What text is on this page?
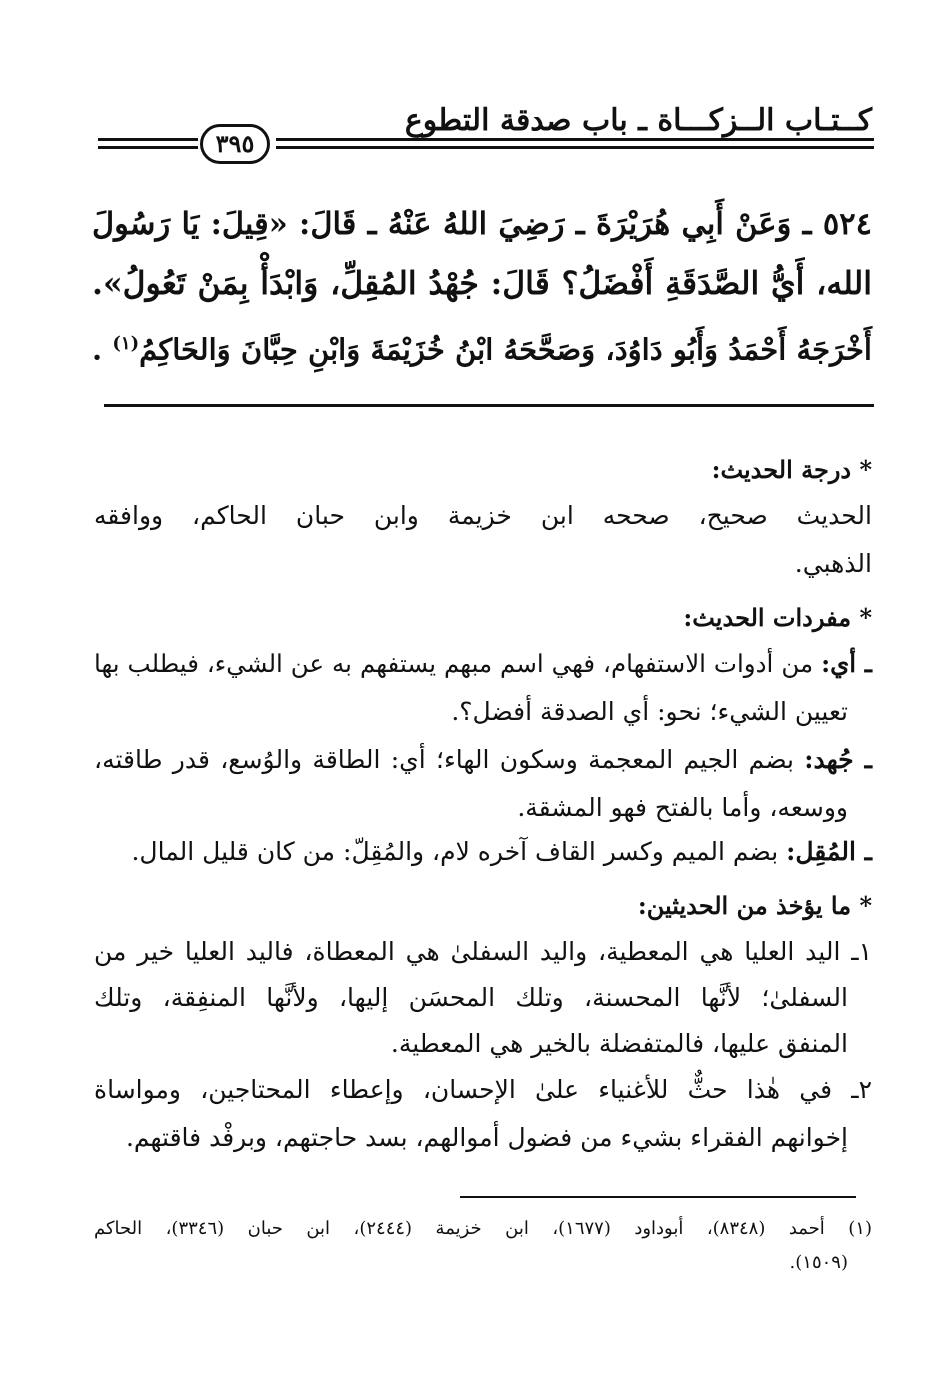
كــتـاب الــزكـــاة ـ باب صدقة التطوع
٣٩٥
٥٢٤ ـ وَعَنْ أَبِي هُرَيْرَةَ ـ رَضِيَ اللهُ عَنْهُ ـ قَالَ: «قِيلَ: يَا رَسُولَ
الله، أَيُّ الصَّدَقَةِ أَفْضَلُ؟ قَالَ: جُهْدُ المُقِلِّ، وَابْدَأْ بِمَنْ تَعُولُ».
أَخْرَجَهُ أَحْمَدُ وَأَبُو دَاوُدَ، وَصَحَّحَهُ ابْنُ خُزَيْمَةَ وَابْنِ حِبَّانَ وَالحَاكِمُ$^{(١)}$ .
* درجة الحديث:
الحديث صحيح، صححه ابن خزيمة وابن حبان الحاكم، ووافقه
الذهبي.
* مفردات الحديث:
ـ أي: من أدوات الاستفهام، فهي اسم مبهم يستفهم به عن الشيء، فيطلب بها
تعيين الشيء؛ نحو: أي الصدقة أفضل؟.
ـ جُهد: بضم الجيم المعجمة وسكون الهاء؛ أي: الطاقة والوُسع، قدر طاقته،
ووسعه، وأما بالفتح فهو المشقة.
ـ المُقِل: بضم الميم وكسر القاف آخره لام، والمُقِلّ: من كان قليل المال.
* ما يؤخذ من الحديثين:
١ـ اليد العليا هي المعطية، واليد السفلىٰ هي المعطاة، فاليد العليا خير من
السفلىٰ؛ لأنَّها المحسنة، وتلك المحسَن إليها، ولأنَّها المنفِقة، وتلك
المنفق عليها، فالمتفضلة بالخير هي المعطية.
٢ـ في هٰذا حثٌّ للأغنياء علىٰ الإحسان، وإعطاء المحتاجين، ومواساة
إخوانهم الفقراء بشيء من فضول أموالهم، بسد حاجتهم، وبرفْد فاقتهم.
(١) أحمد (٨٣٤٨)، أبوداود (١٦٧٧)، ابن خزيمة (٢٤٤٤)، ابن حبان (٣٣٤٦)، الحاكم
(١٥٠٩).
